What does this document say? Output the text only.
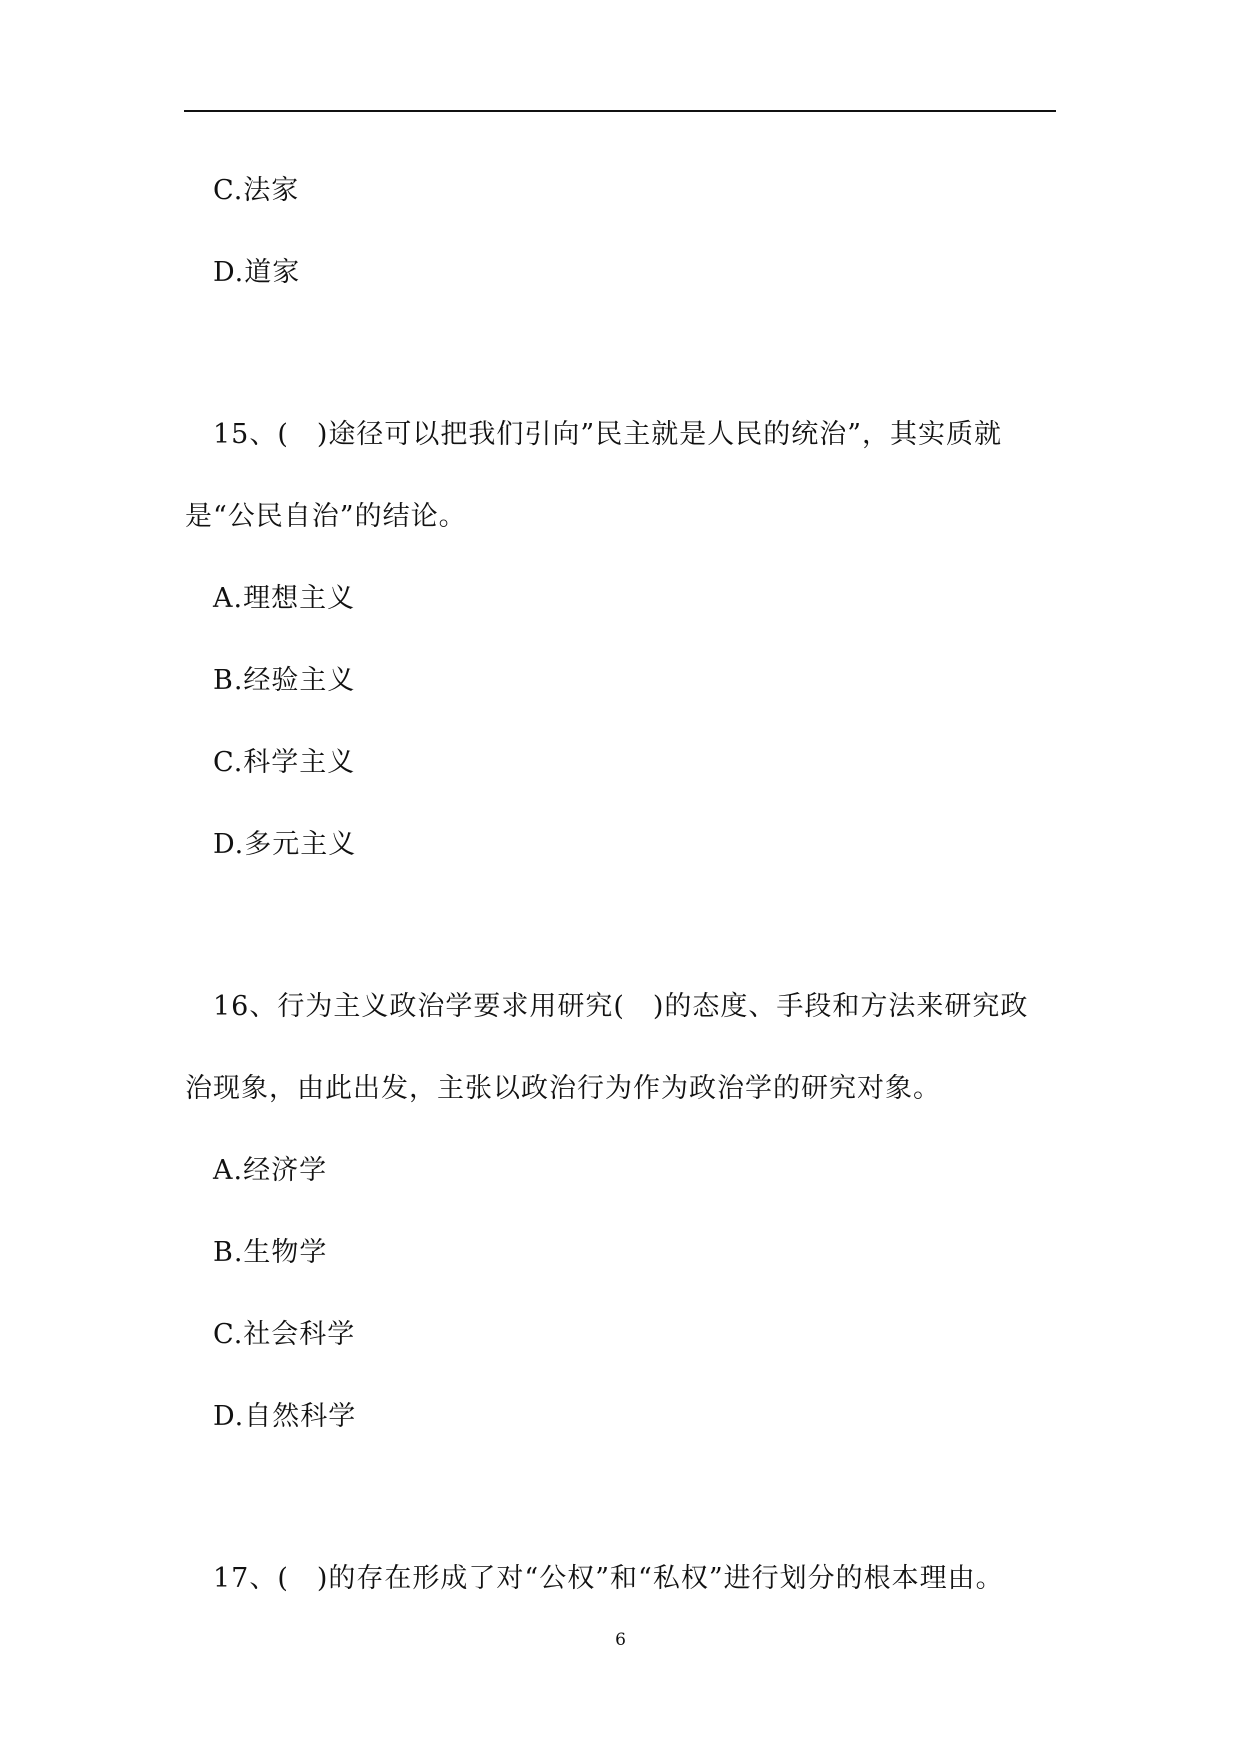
C.法家
D.道家
15、(　)途径可以把我们引向”民主就是人民的统治”，其实质就
是“公民自治”的结论。
A.理想主义
B.经验主义
C.科学主义
D.多元主义
16、行为主义政治学要求用研究(　)的态度、手段和方法来研究政
治现象，由此出发，主张以政治行为作为政治学的研究对象。
A.经济学
B.生物学
C.社会科学
D.自然科学
17、(　)的存在形成了对“公权”和“私权”进行划分的根本理由。
6
